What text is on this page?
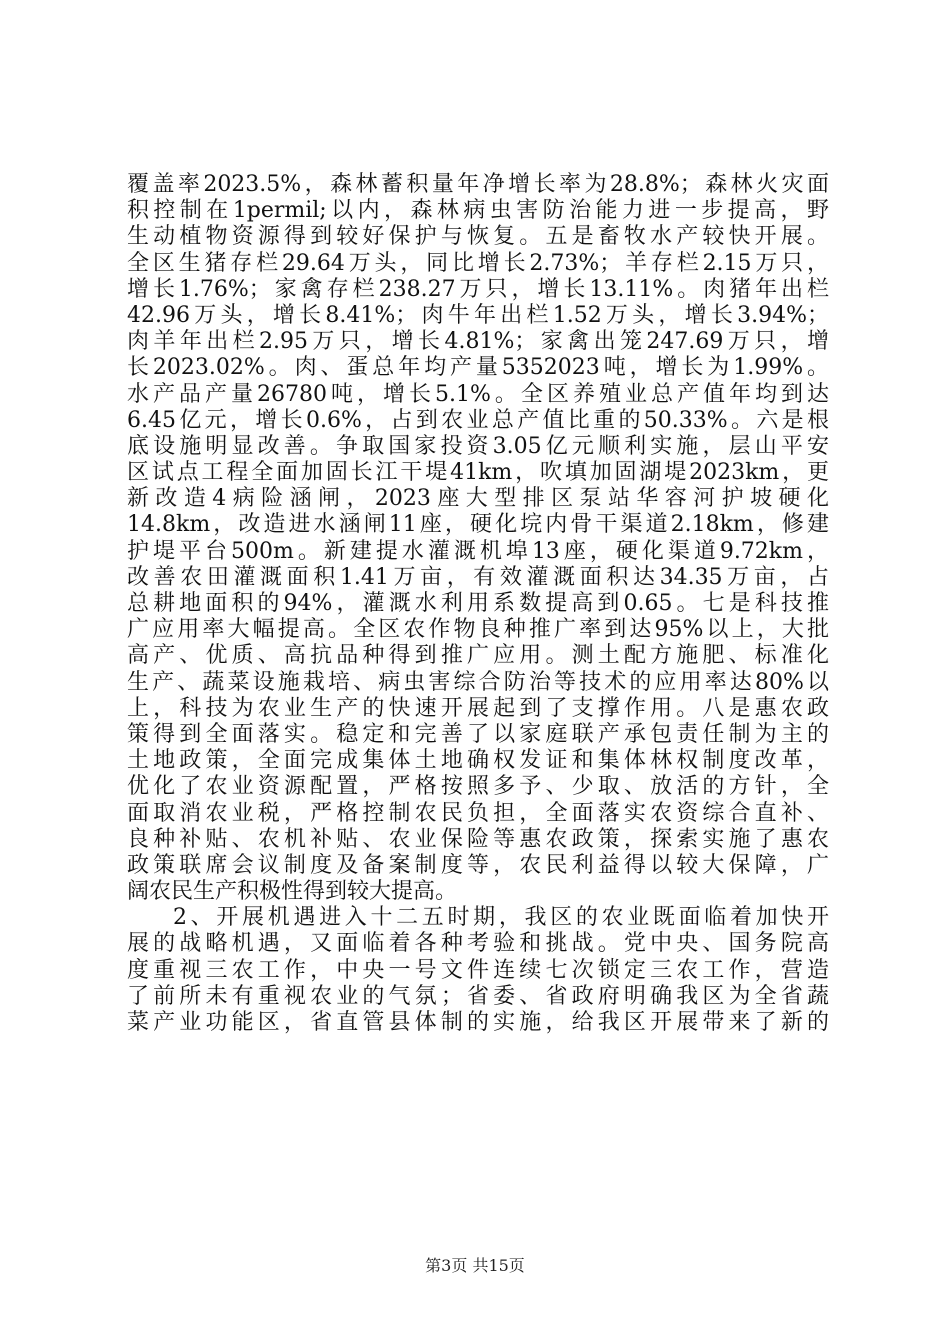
覆盖率2023.5%，森林蓄积量年净增长率为28.8%；森林火灾面
积控制在1permil;以内，森林病虫害防治能力进一步提高，野
生动植物资源得到较好保护与恢复。五是畜牧水产较快开展。
全区生猪存栏29.64万头，同比增长2.73%；羊存栏2.15万只，
增长1.76%；家禽存栏238.27万只，增长13.11%。肉猪年出栏
42.96万头，增长8.41%；肉牛年出栏1.52万头，增长3.94%；
肉羊年出栏2.95万只，增长4.81%；家禽出笼247.69万只，增
长2023.02%。肉、蛋总年均产量5352023吨，增长为1.99%。
水产品产量26780吨，增长5.1%。全区养殖业总产值年均到达
6.45亿元，增长0.6%，占到农业总产值比重的50.33%。六是根
底设施明显改善。争取国家投资3.05亿元顺利实施，层山平安
区试点工程全面加固长江干堤41km，吹填加固湖堤2023km，更
新改造4病险涵闸，2023座大型排区泵站华容河护坡硬化
14.8km，改造进水涵闸11座，硬化垸内骨干渠道2.18km，修建
护堤平台500m。新建提水灌溉机埠13座，硬化渠道9.72km，
改善农田灌溉面积1.41万亩，有效灌溉面积达34.35万亩，占
总耕地面积的94%，灌溉水利用系数提高到0.65。七是科技推
广应用率大幅提高。全区农作物良种推广率到达95%以上，大批
高产、优质、高抗品种得到推广应用。测土配方施肥、标准化
生产、蔬菜设施栽培、病虫害综合防治等技术的应用率达80%以
上，科技为农业生产的快速开展起到了支撑作用。八是惠农政
策得到全面落实。稳定和完善了以家庭联产承包责任制为主的
土地政策，全面完成集体土地确权发证和集体林权制度改革，
优化了农业资源配置，严格按照多予、少取、放活的方针，全
面取消农业税，严格控制农民负担，全面落实农资综合直补、
良种补贴、农机补贴、农业保险等惠农政策，探索实施了惠农
政策联席会议制度及备案制度等，农民利益得以较大保障，广
阔农民生产积极性得到较大提高。
2、开展机遇进入十二五时期，我区的农业既面临着加快开
展的战略机遇，又面临着各种考验和挑战。党中央、国务院高
度重视三农工作，中央一号文件连续七次锁定三农工作，营造
了前所未有重视农业的气氛；省委、省政府明确我区为全省蔬
菜产业功能区，省直管县体制的实施，给我区开展带来了新的
第3页 共15页
